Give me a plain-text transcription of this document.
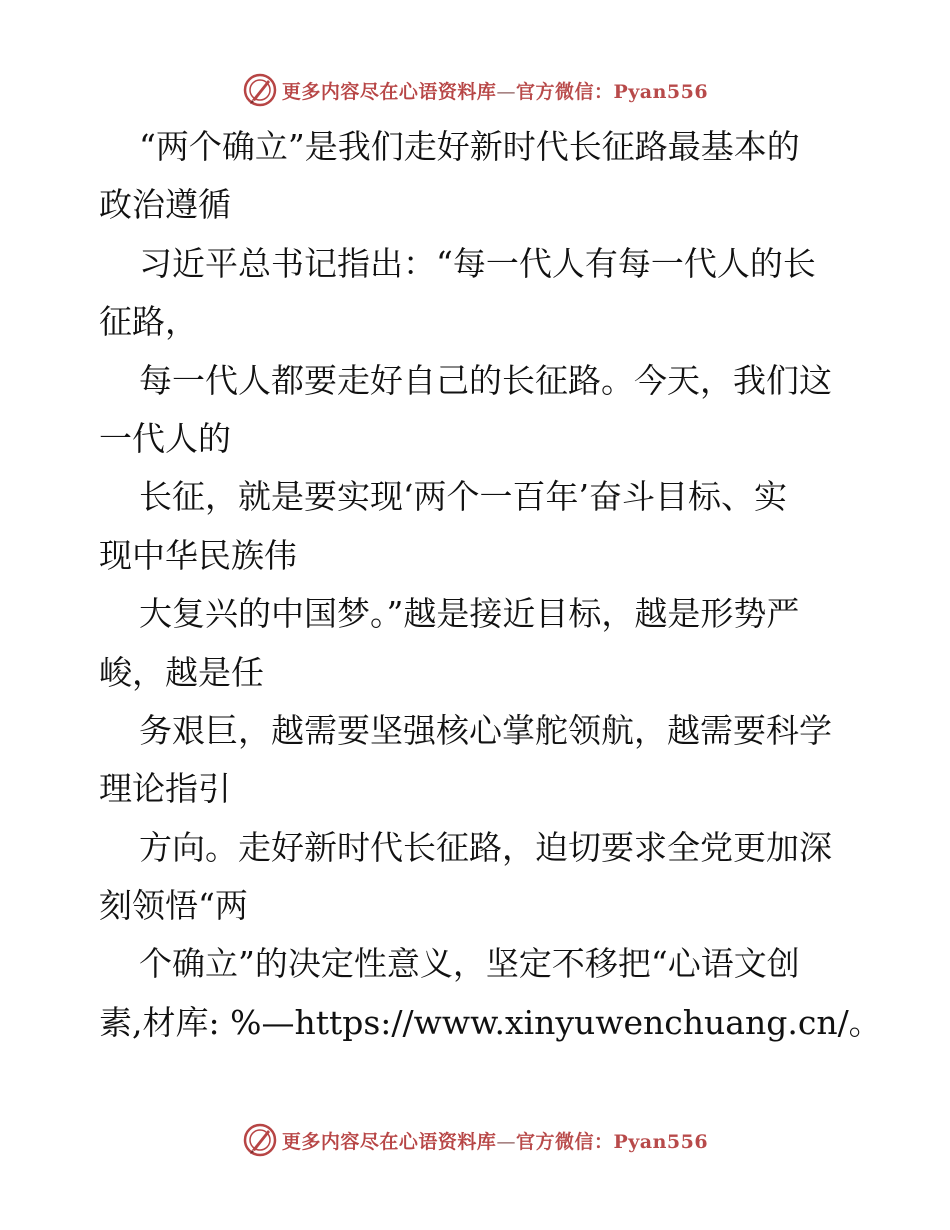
更多内容尽在心语资料库—官方微信：Pyan556
“两个确立”是我们走好新时代长征路最基本的
政治遵循
习近平总书记指出：“每一代人有每一代人的长
征路，
每一代人都要走好自己的长征路。今天，我们这
一代人的
长征，就是要实现‘两个一百年’奋斗目标、实
现中华民族伟
大复兴的中国梦。”越是接近目标，越是形势严
峻，越是任
务艰巨，越需要坚强核心掌舵领航，越需要科学
理论指引
方向。走好新时代长征路，迫切要求全党更加深
刻领悟“两
个确立”的决定性意义，坚定不移把“心语文创
素,材库: %—https://www.xinyuwenchuang.cn/。
更多内容尽在心语资料库—官方微信：Pyan556
